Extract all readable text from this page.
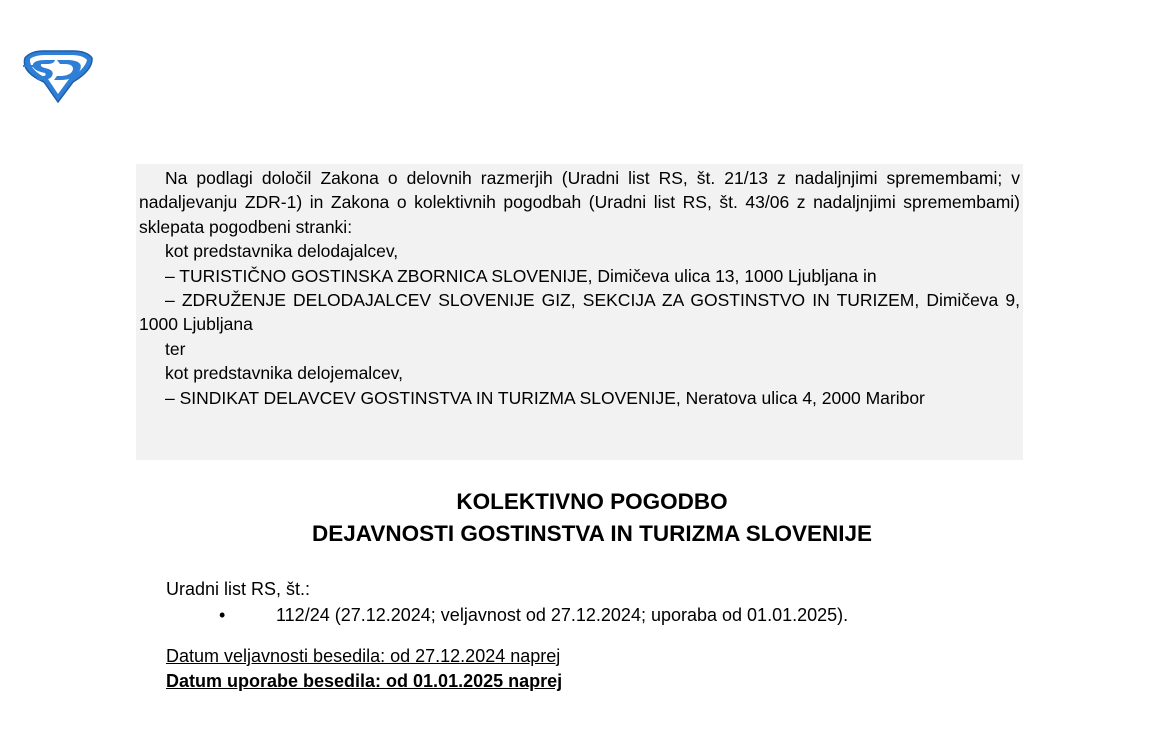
Na podlagi določil Zakona o delovnih razmerjih (Uradni list RS, št. 21/13 z nadaljnjimi spremembami; v nadaljevanju ZDR-1) in Zakona o kolektivnih pogodbah (Uradni list RS, št. 43/06 z nadaljnjimi spremembami) sklepata pogodbeni stranki:

kot predstavnika delodajalcev,

– TURISTIČNO GOSTINSKA ZBORNICA SLOVENIJE, Dimičeva ulica 13, 1000 Ljubljana in

– ZDRUŽENJE DELODAJALCEV SLOVENIJE GIZ, SEKCIJA ZA GOSTINSTVO IN TURIZEM, Dimičeva 9, 1000 Ljubljana

ter

kot predstavnika delojemalcev,

– SINDIKAT DELAVCEV GOSTINSTVA IN TURIZMA SLOVENIJE, Neratova ulica 4, 2000 Maribor

KOLEKTIVNO POGODBO
DEJAVNOSTI GOSTINSTVA IN TURIZMA SLOVENIJE
Uradni list RS, št.:
•	112/24 (27.12.2024; veljavnost od 27.12.2024; uporaba od 01.01.2025).
Datum veljavnosti besedila: od 27.12.2024 naprej
Datum uporabe besedila: od 01.01.2025 naprej
